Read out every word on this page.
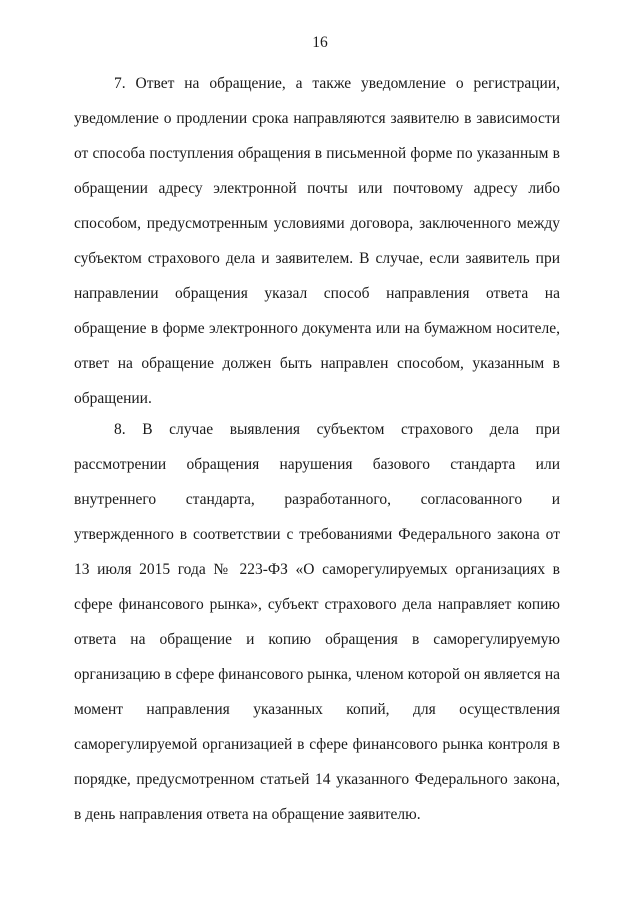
16

7. Ответ на обращение, а также уведомление о регистрации, уведомление о продлении срока направляются заявителю в зависимости от способа поступления обращения в письменной форме по указанным в обращении адресу электронной почты или почтовому адресу либо способом, предусмотренным условиями договора, заключенного между субъектом страхового дела и заявителем. В случае, если заявитель при направлении обращения указал способ направления ответа на обращение в форме электронного документа или на бумажном носителе, ответ на обращение должен быть направлен способом, указанным в обращении.

8. В случае выявления субъектом страхового дела при рассмотрении обращения нарушения базового стандарта или внутреннего стандарта, разработанного, согласованного и утвержденного в соответствии с требованиями Федерального закона от 13 июля 2015 года № 223-ФЗ «О саморегулируемых организациях в сфере финансового рынка», субъект страхового дела направляет копию ответа на обращение и копию обращения в саморегулируемую организацию в сфере финансового рынка, членом которой он является на момент направления указанных копий, для осуществления саморегулируемой организацией в сфере финансового рынка контроля в порядке, предусмотренном статьей 14 указанного Федерального закона, в день направления ответа на обращение заявителю.
